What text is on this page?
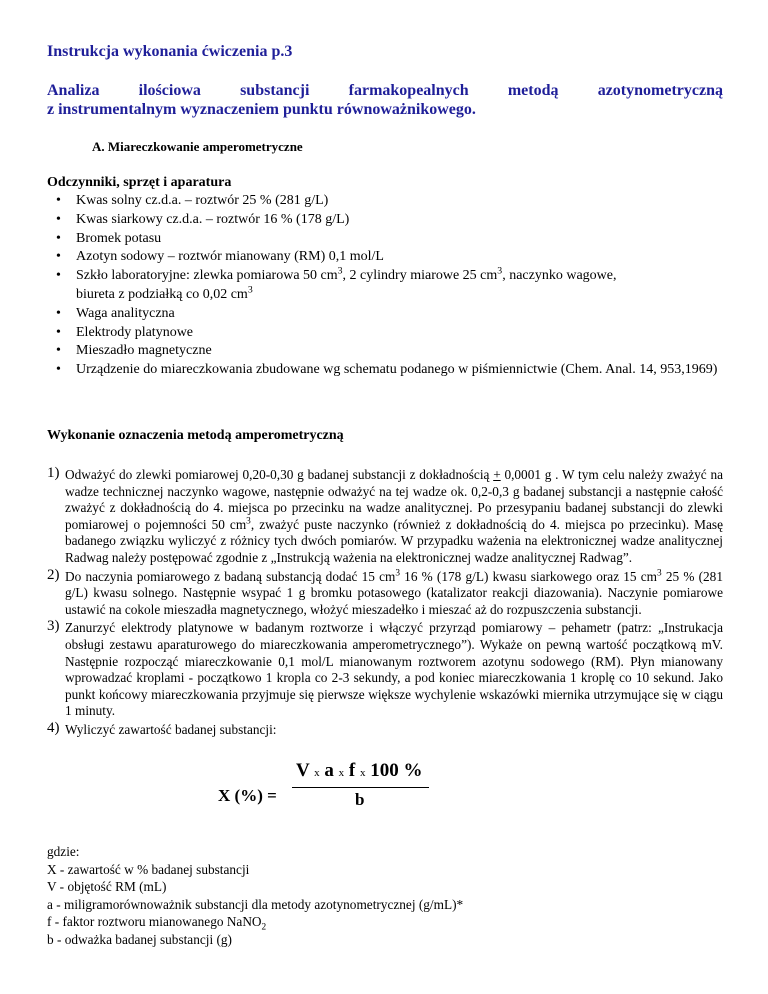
Instrukcja wykonania ćwiczenia p.3
Analiza ilościowa substancji farmakopealnych metodą azotynometryczną
z instrumentalnym wyznaczeniem punktu równoważnikowego.
A. Miareczkowanie amperometryczne
Odczynniki, sprzęt i aparatura
• Kwas solny cz.d.a. – roztwór 25 % (281 g/L)
• Kwas siarkowy cz.d.a. – roztwór 16 % (178 g/L)
• Bromek potasu
• Azotyn sodowy – roztwór mianowany (RM) 0,1 mol/L
• Szkło laboratoryjne: zlewka pomiarowa 50 $cm^3$, 2 cylindry miarowe 25 $cm^3$, naczynko wagowe,
biureta z podziałką co 0,02 $cm^3$
• Waga analityczna
• Elektrody platynowe
• Mieszadło magnetyczne
• Urządzenie do miareczkowania zbudowane wg schematu podanego w piśmiennictwie (Chem. Anal. 14, 953,1969)
Wykonanie oznaczenia metodą amperometryczną
1) Odważyć do zlewki pomiarowej 0,20-0,30 g badanej substancji z dokładnością + 0,0001 g . W tym celu należy zważyć na wadze technicznej naczynko wagowe, następnie odważyć na tej wadze ok. 0,2-0,3 g badanej substancji a następnie całość zważyć z dokładnością do 4. miejsca po przecinku na wadze analitycznej. Po przesypaniu badanej substancji do zlewki pomiarowej o pojemności 50 $cm^3$, zważyć puste naczynko (również z dokładnością do 4. miejsca po przecinku). Masę badanego związku wyliczyć z różnicy tych dwóch pomiarów. W przypadku ważenia na elektronicznej wadze analitycznej Radwag należy postępować zgodnie z „Instrukcją ważenia na elektronicznej wadze analitycznej Radwag”.
2) Do naczynia pomiarowego z badaną substancją dodać 15 $cm^3$ 16 % (178 g/L) kwasu siarkowego oraz 15 $cm^3$ 25 % (281 g/L) kwasu solnego. Następnie wsypać 1 g bromku potasowego (katalizator reakcji diazowania). Naczynie pomiarowe ustawić na cokole mieszadła magnetycznego, włożyć mieszadełko i mieszać aż do rozpuszczenia substancji.
3) Zanurzyć elektrody platynowe w badanym roztworze i włączyć przyrząd pomiarowy – pehametr (patrz: „Instrukacja obsługi zestawu aparaturowego do miareczkowania amperometrycznego”). Wykaże on pewną wartość początkową mV. Następnie rozpocząć miareczkowanie 0,1 mol/L mianowanym roztworem azotynu sodowego (RM). Płyn mianowany wprowadzać kroplami - początkowo 1 kropla co 2-3 sekundy, a pod koniec miareczkowania 1 kroplę co 10 sekund. Jako punkt końcowy miareczkowania przyjmuje się pierwsze większe wychylenie wskazówki miernika utrzymujące się w ciągu 1 minuty.
4) Wyliczyć zawartość badanej substancji:
X (%) =
V x a x f x 100 %
b
gdzie:
X - zawartość w % badanej substancji
V - objętość RM (mL)
a - miligramorównoważnik substancji dla metody azotynometrycznej (g/mL)*
f - faktor roztworu mianowanego NaNO$_2$
b - odważka badanej substancji (g)
